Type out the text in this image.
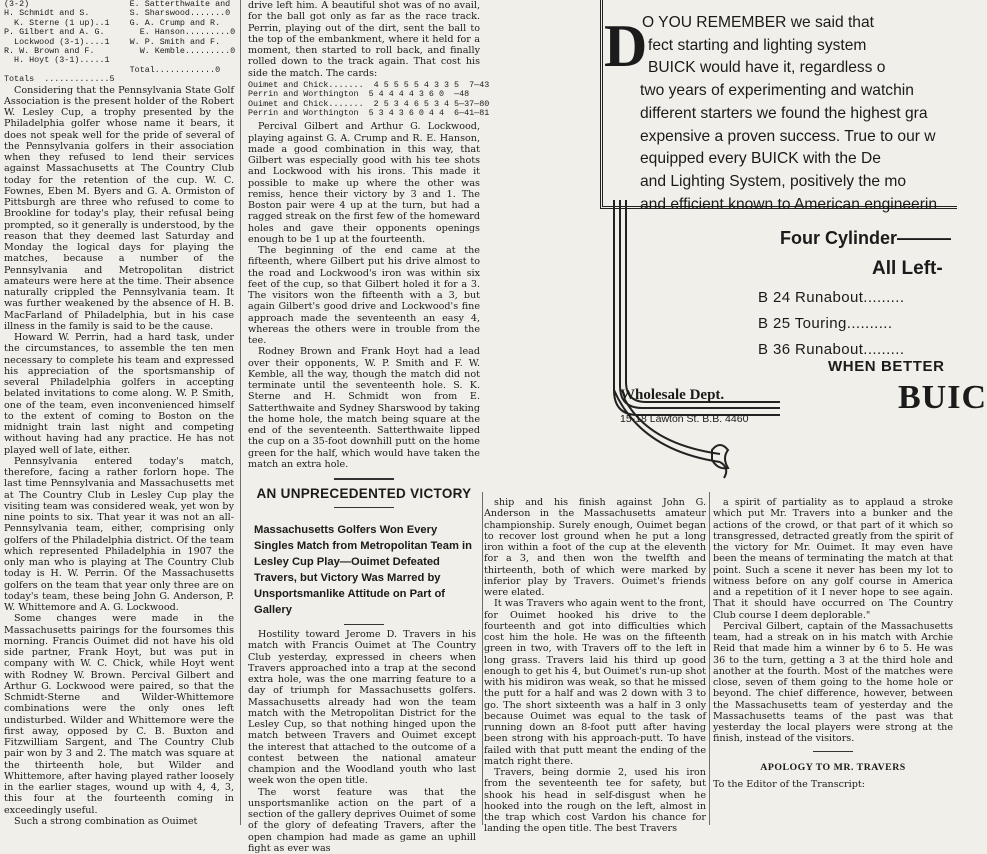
(3-2)                    E. Satterthwaite and
H. Schmidt and S.        S. Sharswood.......0
K. Sterne (1 up)..1    G. A. Crump and R.
P. Gilbert and A. G.       E. Hanson.........0
Lockwood (3-1)....1    W. P. Smith and F.
R. W. Brown and F.         W. Kemble.........0
H. Hoyt (3-1).....1
Total............0
Totals  .............5

Considering that the Pennsylvania State Golf Association is the present holder of the Robert W. Lesley Cup, a trophy presented by the Philadelphia golfer whose name it bears, it does not speak well for the pride of several of the Pennsylvania golfers in their association when they refused to lend their services against Massachusetts at The Country Club today for the retention of the cup. W. C. Fownes, Eben M. Byers and G. A. Ormiston of Pittsburgh are three who refused to come to Brookline for today's play, their refusal being prompted, so it generally is understood, by the reason that they deemed last Saturday and Monday the logical days for playing the matches, because a number of the Pennsylvania and Metropolitan district amateurs were here at the time. Their absence naturally crippled the Pennsylvania team. It was further weakened by the absence of H. B. MacFarland of Philadelphia, but in his case illness in the family is said to be the cause.

Howard W. Perrin, had a hard task, under the circumstances, to assemble the ten men necessary to complete his team and expressed his appreciation of the sportsmanship of several Philadelphia golfers in accepting belated invitations to come along. W. P. Smith, one of the team, even inconvenienced himself to the extent of coming to Boston on the midnight train last night and competing without having had any practice. He has not played well of late, either.

Pennsylvania entered today's match, therefore, facing a rather forlorn hope. The last time Pennsylvania and Massachusetts met at The Country Club in Lesley Cup play the visiting team was considered weak, yet won by nine points to six. That year it was not an all-Pennsylvania team, either, comprising only golfers of the Philadelphia district. Of the team which represented Philadelphia in 1907 the only man who is playing at The Country Club today is H. W. Perrin. Of the Massachusetts golfers on the team that year only three are on today's team, these being John G. Anderson, P. W. Whittemore and A. G. Lockwood.

Some changes were made in the Massachusetts pairings for the foursomes this morning. Francis Ouimet did not have his old side partner, Frank Hoyt, but was put in company with W. C. Chick, while Hoyt went with Rodney W. Brown. Percival Gilbert and Arthur G. Lockwood were paired, so that the Schmidt-Sterne and Wilder-Whittemore combinations were the only ones left undisturbed. Wilder and Whittemore were the first away, opposed by C. B. Buxton and Fitzwilliam Sargent, and The Country Club pair won by 3 and 2. The match was square at the thirteenth hole, but Wilder and Whittemore, after having played rather loosely in the earlier stages, wound up with 4, 4, 3, this four at the fourteenth coming in exceedingly useful.

Such a strong combination as Ouimet

drive left him. A beautiful shot was of no avail, for the ball got only as far as the race track. Perrin, playing out of the dirt, sent the ball to the top of the embankment, where it held for a moment, then started to roll back, and finally rolled down to the track again. That cost his side the match. The cards:

Ouimet and Chick.......  4 5 5 5 5 4 3 3 5  7—43
Perrin and Worthington  5 4 4 4 4 3 6 0  —48
Ouimet and Chick.......  2 5 3 4 6 5 3 4 5—37—80
Perrin and Worthington  5 3 4 3 6 0 4 4  6—41—81

Percival Gilbert and Arthur G. Lockwood, playing against G. A. Crump and R. E. Hanson, made a good combination in this way, that Gilbert was especially good with his tee shots and Lockwood with his irons. This made it possible to make up where the other was remiss, hence their victory by 3 and 1. The Boston pair were 4 up at the turn, but had a ragged streak on the first few of the homeward holes and gave their opponents openings enough to be 1 up at the fourteenth.

The beginning of the end came at the fifteenth, where Gilbert put his drive almost to the road and Lockwood's iron was within six feet of the cup, so that Gilbert holed it for a 3. The visitors won the fifteenth with a 3, but again Gilbert's good drive and Lockwood's fine approach made the seventeenth an easy 4, whereas the others were in trouble from the tee.

Rodney Brown and Frank Hoyt had a lead over their opponents, W. P. Smith and F. W. Kemble, all the way, though the match did not terminate until the seventeenth hole. S. K. Sterne and H. Schmidt won from E. Satterthwaite and Sydney Sharswood by taking the home hole, the match being square at the end of the seventeenth. Satterthwaite lipped the cup on a 35-foot downhill putt on the home green for the half, which would have taken the match an extra hole.

AN UNPRECEDENTED VICTORY
Massachusetts Golfers Won Every Singles Match from Metropolitan Team in Lesley Cup Play—Ouimet Defeated Travers, but Victory Was Marred by Unsportsmanlike Attitude on Part of Gallery

Hostility toward Jerome D. Travers in his match with Francis Ouimet at The Country Club yesterday, expressed in cheers when Travers approached into a trap at the second extra hole, was the one marring feature to a day of triumph for Massachusetts golfers. Massachusetts already had won the team match with the Metropolitan District for the Lesley Cup, so that nothing hinged upon the match between Travers and Ouimet except the interest that attached to the outcome of a contest between the national amateur champion and the Woodland youth who last week won the open title.

The worst feature was that the unsportsmanlike action on the part of a section of the gallery deprives Ouimet of some of the glory of defeating Travers, after the open champion had made as game an uphill fight as ever was

ship and his finish against John G. Anderson in the Massachusetts amateur championship. Surely enough, Ouimet began to recover lost ground when he put a long iron within a foot of the cup at the eleventh for a 3, and then won the twelfth and thirteenth, both of which were marked by inferior play by Travers. Ouimet's friends were elated.

It was Travers who again went to the front, for Ouimet hooked his drive to the fourteenth and got into difficulties which cost him the hole. He was on the fifteenth green in two, with Travers off to the left in long grass. Travers laid his third up good enough to get his 4, but Ouimet's run-up shot with his midiron was weak, so that he missed the putt for a half and was 2 down with 3 to go. The short sixteenth was a half in 3 only because Ouimet was equal to the task of running down an 8-foot putt after having been strong with his approach-putt. To have failed with that putt meant the ending of the match right there.

Travers, being dormie 2, used his iron from the seventeenth tee for safety, but shook his head in self-disgust when he hooked into the rough on the left, almost in the trap which cost Vardon his chance for landing the open title. The best Travers

a spirit of partiality as to applaud a stroke which put Mr. Travers into a bunker and the actions of the crowd, or that part of it which so transgressed, detracted greatly from the spirit of the victory for Mr. Ouimet. It may even have been the means of terminating the match at that point. Such a scene it never has been my lot to witness before on any golf course in America and a repetition of it I never hope to see again. That it should have occurred on The Country Club course I deem deplorable."

Percival Gilbert, captain of the Massachusetts team, had a streak on in his match with Archie Reid that made him a winner by 6 to 5. He was 36 to the turn, getting a 3 at the third hole and another at the fourth. Most of the matches were close, seven of them going to the home hole or beyond. The chief difference, however, between the Massachusetts team of yesterday and the Massachusetts teams of the past was that yesterday the local players were strong at the finish, instead of the visitors.

APOLOGY TO MR. TRAVERS

To the Editor of the Transcript:

D
O YOU REMEMBER we said that
fect starting and lighting system
BUICK would have it, regardless o
two years of experimenting and watchin
different starters we found the highest gra
expensive a proven success. True to our w
equipped every BUICK with the De
and Lighting System, positively the mo
and efficient known to American engineerin
Four Cylinder———
All Left-
B 24 Runabout.........
B 25 Touring..........
B 36 Runabout.........
WHEN BETTER
Wholesale Dept.
15-18 Lawton St. B.B. 4460
BUIC
